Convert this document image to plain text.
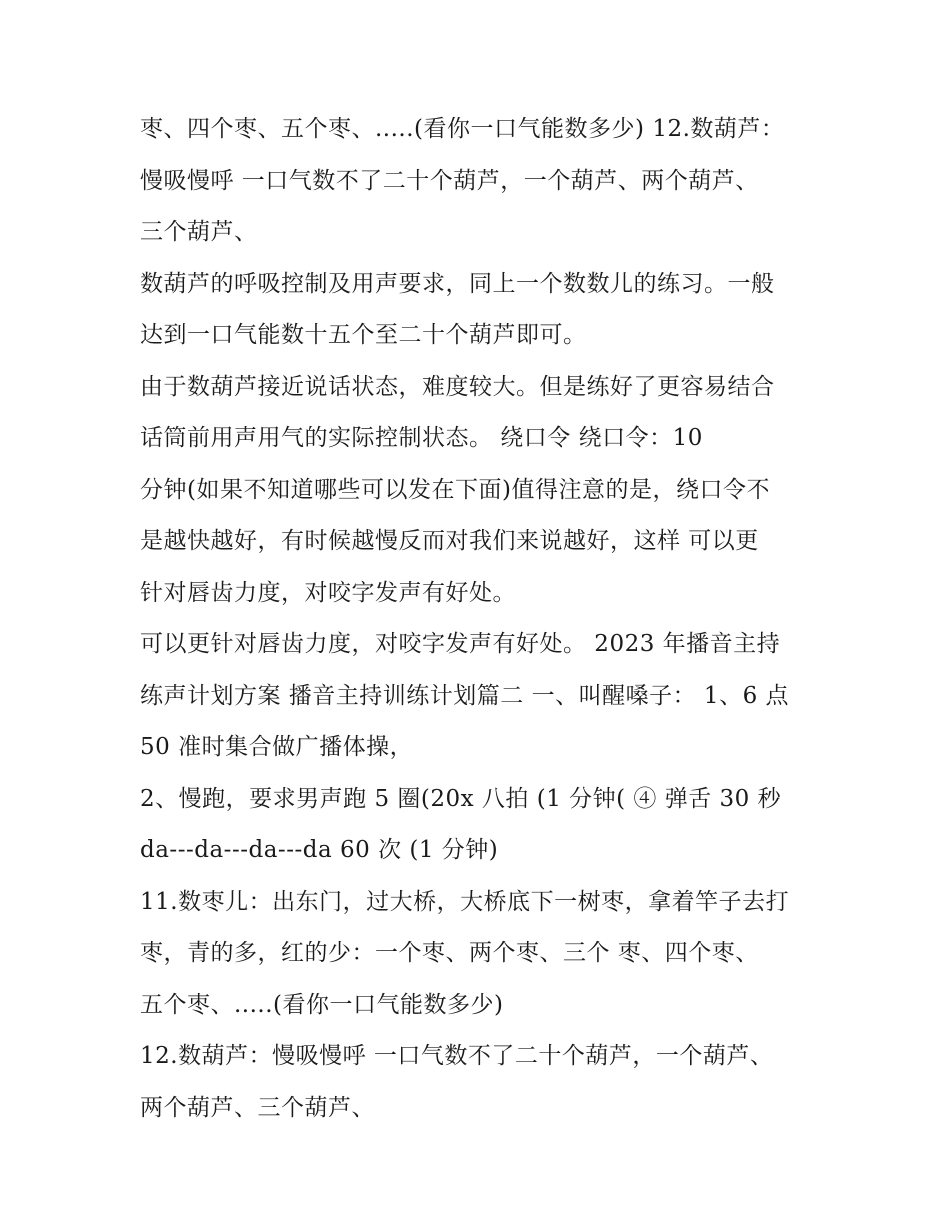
枣、四个枣、五个枣、.....(看你一口气能数多少) 12.数葫芦：
慢吸慢呼 一口气数不了二十个葫芦，一个葫芦、两个葫芦、
三个葫芦、
数葫芦的呼吸控制及用声要求，同上一个数数儿的练习。一般
达到一口气能数十五个至二十个葫芦即可。
由于数葫芦接近说话状态，难度较大。但是练好了更容易结合
话筒前用声用气的实际控制状态。 绕口令 绕口令：10
分钟(如果不知道哪些可以发在下面)值得注意的是，绕口令不
是越快越好，有时候越慢反而对我们来说越好，这样 可以更
针对唇齿力度，对咬字发声有好处。
可以更针对唇齿力度，对咬字发声有好处。 2023 年播音主持
练声计划方案 播音主持训练计划篇二 一、叫醒嗓子： 1、6 点
50 准时集合做广播体操，
2、慢跑，要求男声跑 5 圈(20x 八拍 (1 分钟( ④ 弹舌 30 秒
da---da---da---da 60 次 (1 分钟)
11.数枣儿：出东门，过大桥，大桥底下一树枣，拿着竿子去打
枣，青的多，红的少：一个枣、两个枣、三个 枣、四个枣、
五个枣、.....(看你一口气能数多少)
12.数葫芦：慢吸慢呼 一口气数不了二十个葫芦，一个葫芦、
两个葫芦、三个葫芦、
